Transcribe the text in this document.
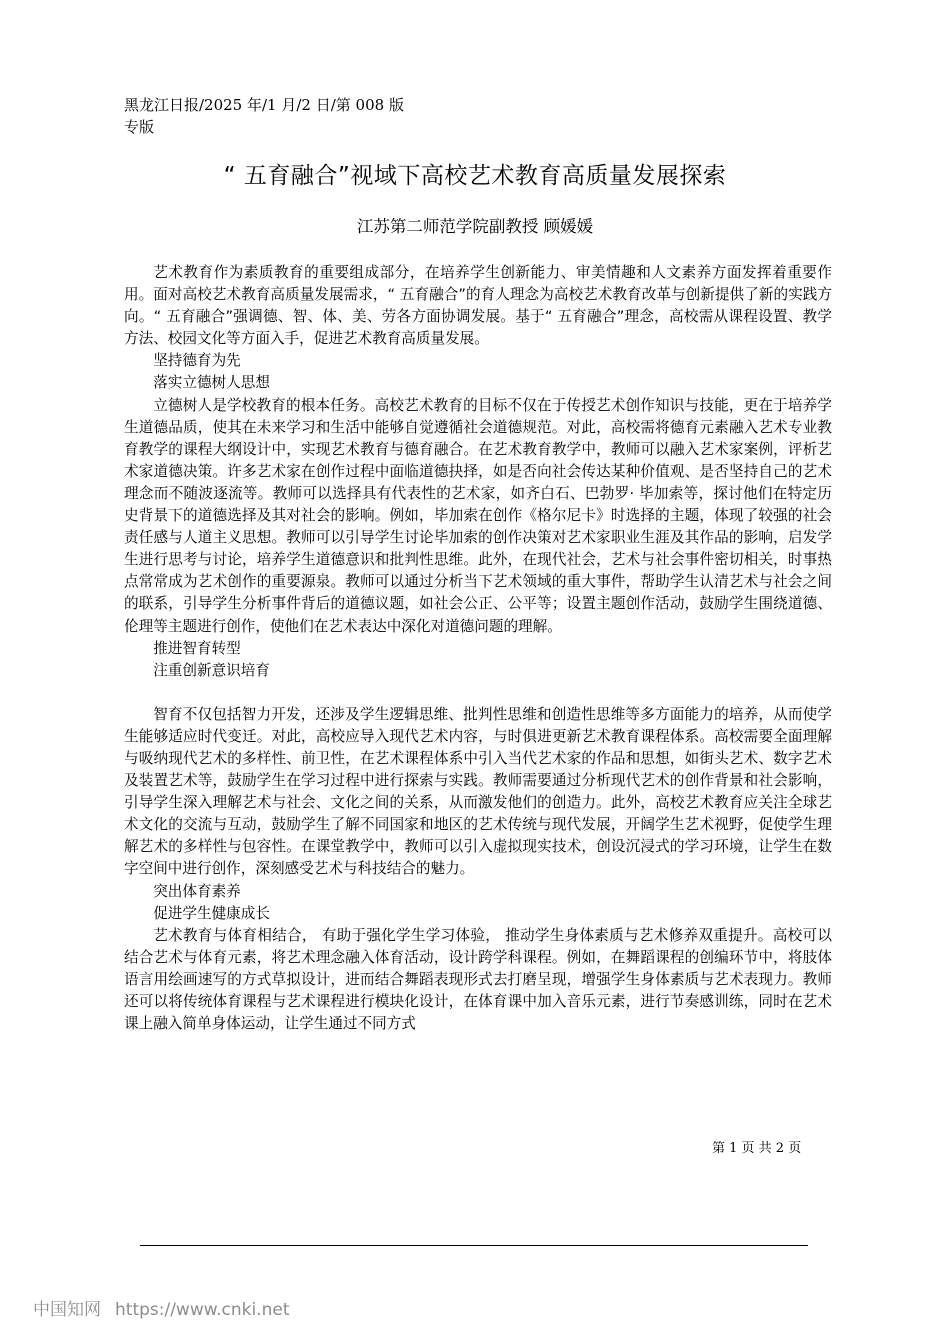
黑龙江日报/2025 年/1 月/2 日/第 008 版专版
“ 五育融合”视域下高校艺术教育高质量发展探索
江苏第二师范学院副教授 顾媛媛

艺术教育作为素质教育的重要组成部分，在培养学生创新能力、审美情趣和人文素养方面发挥着重要作用。面对高校艺术教育高质量发展需求，“ 五育融合”的育人理念为高校艺术教育改革与创新提供了新的实践方向。“ 五育融合”强调德、智、体、美、劳各方面协调发展。基于“ 五育融合”理念，高校需从课程设置、教学方法、校园文化等方面入手，促进艺术教育高质量发展。

坚持德育为先
落实立德树人思想

立德树人是学校教育的根本任务。高校艺术教育的目标不仅在于传授艺术创作知识与技能，更在于培养学生道德品质，使其在未来学习和生活中能够自觉遵循社会道德规范。对此，高校需将德育元素融入艺术专业教育教学的课程大纲设计中，实现艺术教育与德育融合。在艺术教育教学中，教师可以融入艺术家案例，评析艺术家道德决策。许多艺术家在创作过程中面临道德抉择，如是否向社会传达某种价值观、是否坚持自己的艺术理念而不随波逐流等。教师可以选择具有代表性的艺术家，如齐白石、巴勃罗· 毕加索等，探讨他们在特定历史背景下的道德选择及其对社会的影响。例如，毕加索在创作《格尔尼卡》时选择的主题，体现了较强的社会责任感与人道主义思想。教师可以引导学生讨论毕加索的创作决策对艺术家职业生涯及其作品的影响，启发学生进行思考与讨论，培养学生道德意识和批判性思维。此外，在现代社会，艺术与社会事件密切相关，时事热点常常成为艺术创作的重要源泉。教师可以通过分析当下艺术领域的重大事件，帮助学生认清艺术与社会之间的联系，引导学生分析事件背后的道德议题，如社会公正、公平等；设置主题创作活动，鼓励学生围绕道德、伦理等主题进行创作，使他们在艺术表达中深化对道德问题的理解。

推进智育转型
注重创新意识培育

智育不仅包括智力开发，还涉及学生逻辑思维、批判性思维和创造性思维等多方面能力的培养，从而使学生能够适应时代变迁。对此，高校应导入现代艺术内容，与时俱进更新艺术教育课程体系。高校需要全面理解与吸纳现代艺术的多样性、前卫性，在艺术课程体系中引入当代艺术家的作品和思想，如街头艺术、数字艺术及装置艺术等，鼓励学生在学习过程中进行探索与实践。教师需要通过分析现代艺术的创作背景和社会影响，引导学生深入理解艺术与社会、文化之间的关系，从而激发他们的创造力。此外，高校艺术教育应关注全球艺术文化的交流与互动，鼓励学生了解不同国家和地区的艺术传统与现代发展，开阔学生艺术视野，促使学生理解艺术的多样性与包容性。在课堂教学中，教师可以引入虚拟现实技术，创设沉浸式的学习环境，让学生在数字空间中进行创作，深刻感受艺术与科技结合的魅力。

突出体育素养
促进学生健康成长

艺术教育与体育相结合， 有助于强化学生学习体验， 推动学生身体素质与艺术修养双重提升。高校可以结合艺术与体育元素，将艺术理念融入体育活动，设计跨学科课程。例如，在舞蹈课程的创编环节中，将肢体语言用绘画速写的方式草拟设计，进而结合舞蹈表现形式去打磨呈现，增强学生身体素质与艺术表现力。教师还可以将传统体育课程与艺术课程进行模块化设计，在体育课中加入音乐元素，进行节奏感训练，同时在艺术课上融入简单身体运动，让学生通过不同方式

第 1 页 共 2 页
中国知网 https://www.cnki.net
